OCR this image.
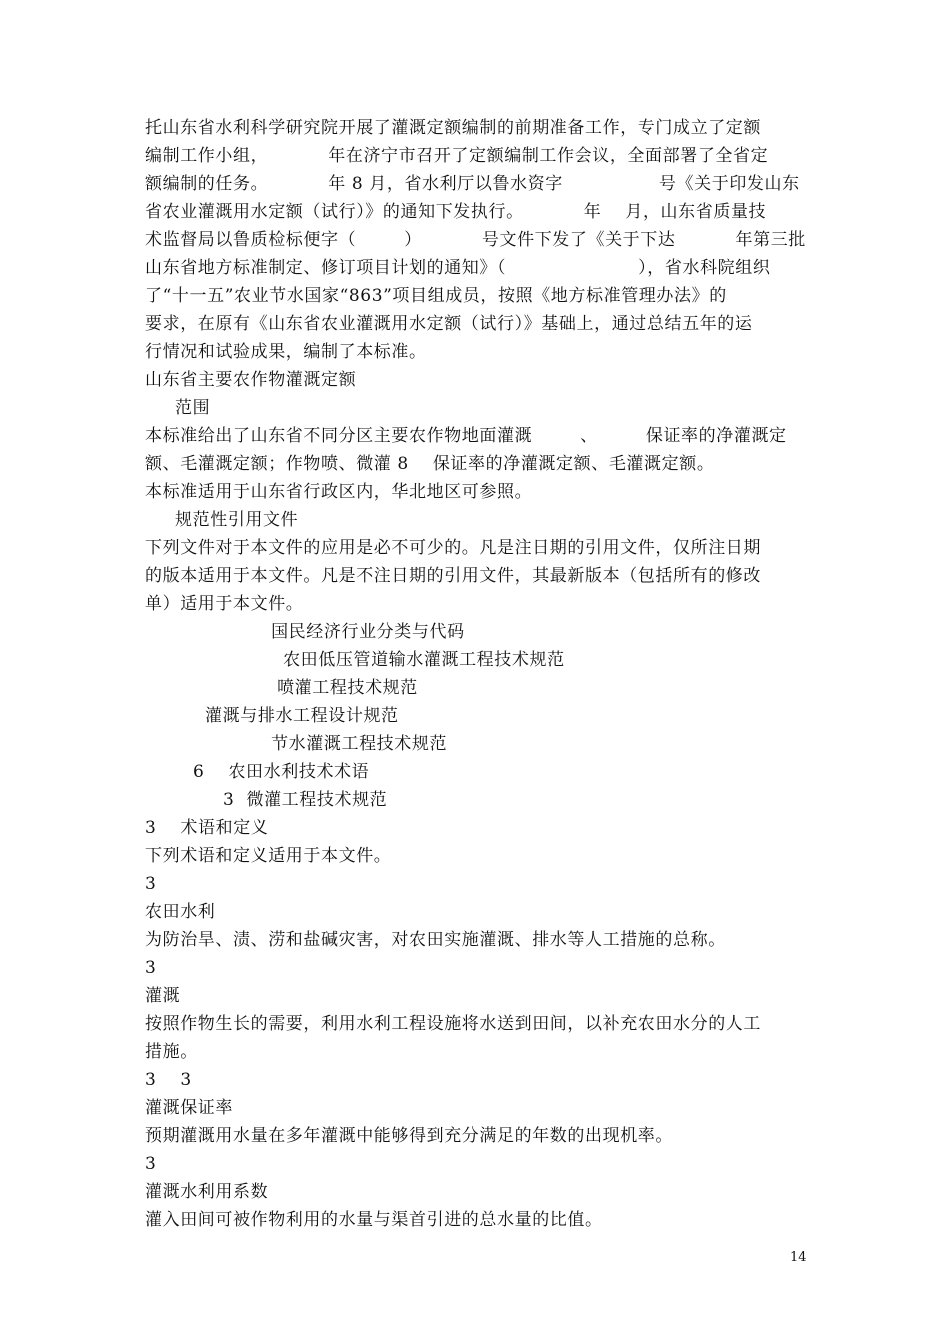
托山东省水利科学研究院开展了灌溉定额编制的前期准备工作，专门成立了定额
编制工作小组，          年在济宁市召开了定额编制工作会议，全面部署了全省定
额编制的任务。          年 8 月，省水利厅以鲁水资字                号《关于印发山东
省农业灌溉用水定额（试行）》的通知下发执行。          年    月，山东省质量技
术监督局以鲁质检标便字（        ）          号文件下发了《关于下达          年第三批
山东省地方标准制定、修订项目计划的通知》（                      ），省水科院组织
了“十一五”农业节水国家“863”项目组成员，按照《地方标准管理办法》的
要求，在原有《山东省农业灌溉用水定额（试行）》基础上，通过总结五年的运
行情况和试验成果，编制了本标准。
山东省主要农作物灌溉定额
范围
本标准给出了山东省不同分区主要农作物地面灌溉        、        保证率的净灌溉定
额、毛灌溉定额；作物喷、微灌 8    保证率的净灌溉定额、毛灌溉定额。
本标准适用于山东省行政区内，华北地区可参照。
规范性引用文件
下列文件对于本文件的应用是必不可少的。凡是注日期的引用文件，仅所注日期
的版本适用于本文件。凡是不注日期的引用文件，其最新版本（包括所有的修改
单）适用于本文件。
国民经济行业分类与代码
农田低压管道输水灌溉工程技术规范
喷灌工程技术规范
灌溉与排水工程设计规范
节水灌溉工程技术规范
6    农田水利技术术语
3  微灌工程技术规范
3    术语和定义
下列术语和定义适用于本文件。
3
农田水利
为防治旱、渍、涝和盐碱灾害，对农田实施灌溉、排水等人工措施的总称。
3
灌溉
按照作物生长的需要，利用水利工程设施将水送到田间，以补充农田水分的人工
措施。
3    3
灌溉保证率
预期灌溉用水量在多年灌溉中能够得到充分满足的年数的出现机率。
3
灌溉水利用系数
灌入田间可被作物利用的水量与渠首引进的总水量的比值。
14
